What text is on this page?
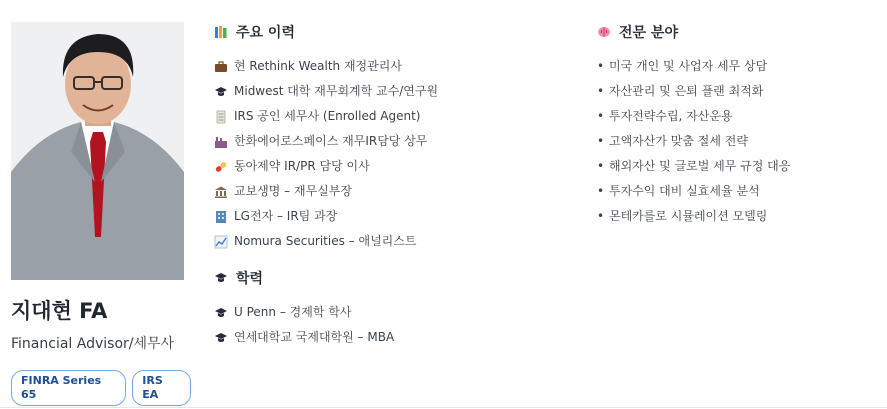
지대현 FA
Financial Advisor/세무사
FINRA Series 65
IRS EA
주요 이력
현 Rethink Wealth 재정관리사
Midwest 대학 재무회계학 교수/연구원
IRS 공인 세무사 (Enrolled Agent)
한화에어로스페이스 재무IR담당 상무
동아제약 IR/PR 담당 이사
교보생명 – 재무실부장
LG전자 – IR팀 과장
Nomura Securities – 애널리스트
학력
U Penn – 경제학 학사
연세대학교 국제대학원 – MBA
전문 분야
• 미국 개인 및 사업자 세무 상담
• 자산관리 및 은퇴 플랜 최적화
• 투자전략수립, 자산운용
• 고액자산가 맞춤 절세 전략
• 해외자산 및 글로벌 세무 규정 대응
• 투자수익 대비 실효세율 분석
• 몬테카를로 시뮬레이션 모델링
